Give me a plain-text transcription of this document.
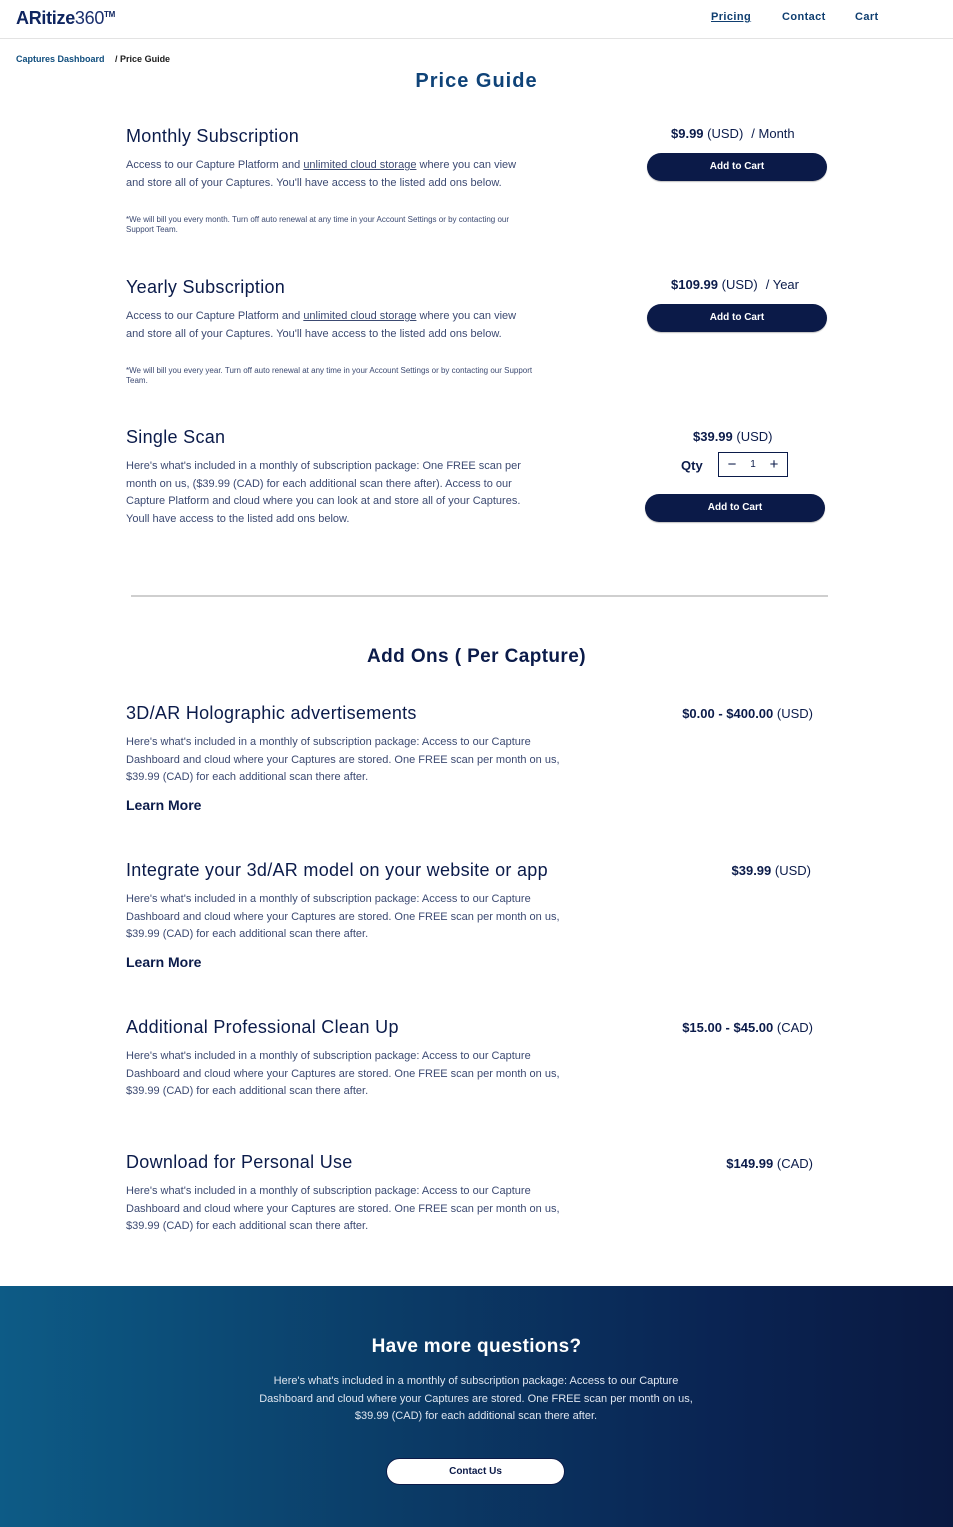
ARitize360™	Pricing	Contact	Cart
Captures Dashboard / Price Guide
Price Guide
Monthly Subscription
Access to our Capture Platform and unlimited cloud storage where you can view and store all of your Captures. You'll have access to the listed add ons below.
*We will bill you every month. Turn off auto renewal at any time in your Account Settings or by contacting our Support Team.
$9.99 (USD) / Month
Add to Cart
Yearly Subscription
Access to our Capture Platform and unlimited cloud storage where you can view and store all of your Captures. You'll have access to the listed add ons below.
*We will bill you every year. Turn off auto renewal at any time in your Account Settings or by contacting our Support Team.
$109.99 (USD) / Year
Add to Cart
Single Scan
Here's what's included in a monthly of subscription package: One FREE scan per month on us, ($39.99 (CAD) for each additional scan there after). Access to our Capture Platform and cloud where you can look at and store all of your Captures. Youll have access to the listed add ons below.
$39.99 (USD)
Qty − 1 +
Add to Cart
Add Ons ( Per Capture)
3D/AR Holographic advertisements
Here's what's included in a monthly of subscription package: Access to our Capture Dashboard and cloud where your Captures are stored. One FREE scan per month on us, $39.99 (CAD) for each additional scan there after.
Learn More
$0.00 - $400.00 (USD)
Integrate your 3d/AR model on your website or app
Here's what's included in a monthly of subscription package: Access to our Capture Dashboard and cloud where your Captures are stored. One FREE scan per month on us, $39.99 (CAD) for each additional scan there after.
Learn More
$39.99 (USD)
Additional Professional Clean Up
Here's what's included in a monthly of subscription package: Access to our Capture Dashboard and cloud where your Captures are stored. One FREE scan per month on us, $39.99 (CAD) for each additional scan there after.
$15.00 - $45.00 (CAD)
Download for Personal Use
Here's what's included in a monthly of subscription package: Access to our Capture Dashboard and cloud where your Captures are stored. One FREE scan per month on us, $39.99 (CAD) for each additional scan there after.
$149.99 (CAD)
Have more questions?
Here's what's included in a monthly of subscription package: Access to our Capture Dashboard and cloud where your Captures are stored. One FREE scan per month on us, $39.99 (CAD) for each additional scan there after.
Contact Us
